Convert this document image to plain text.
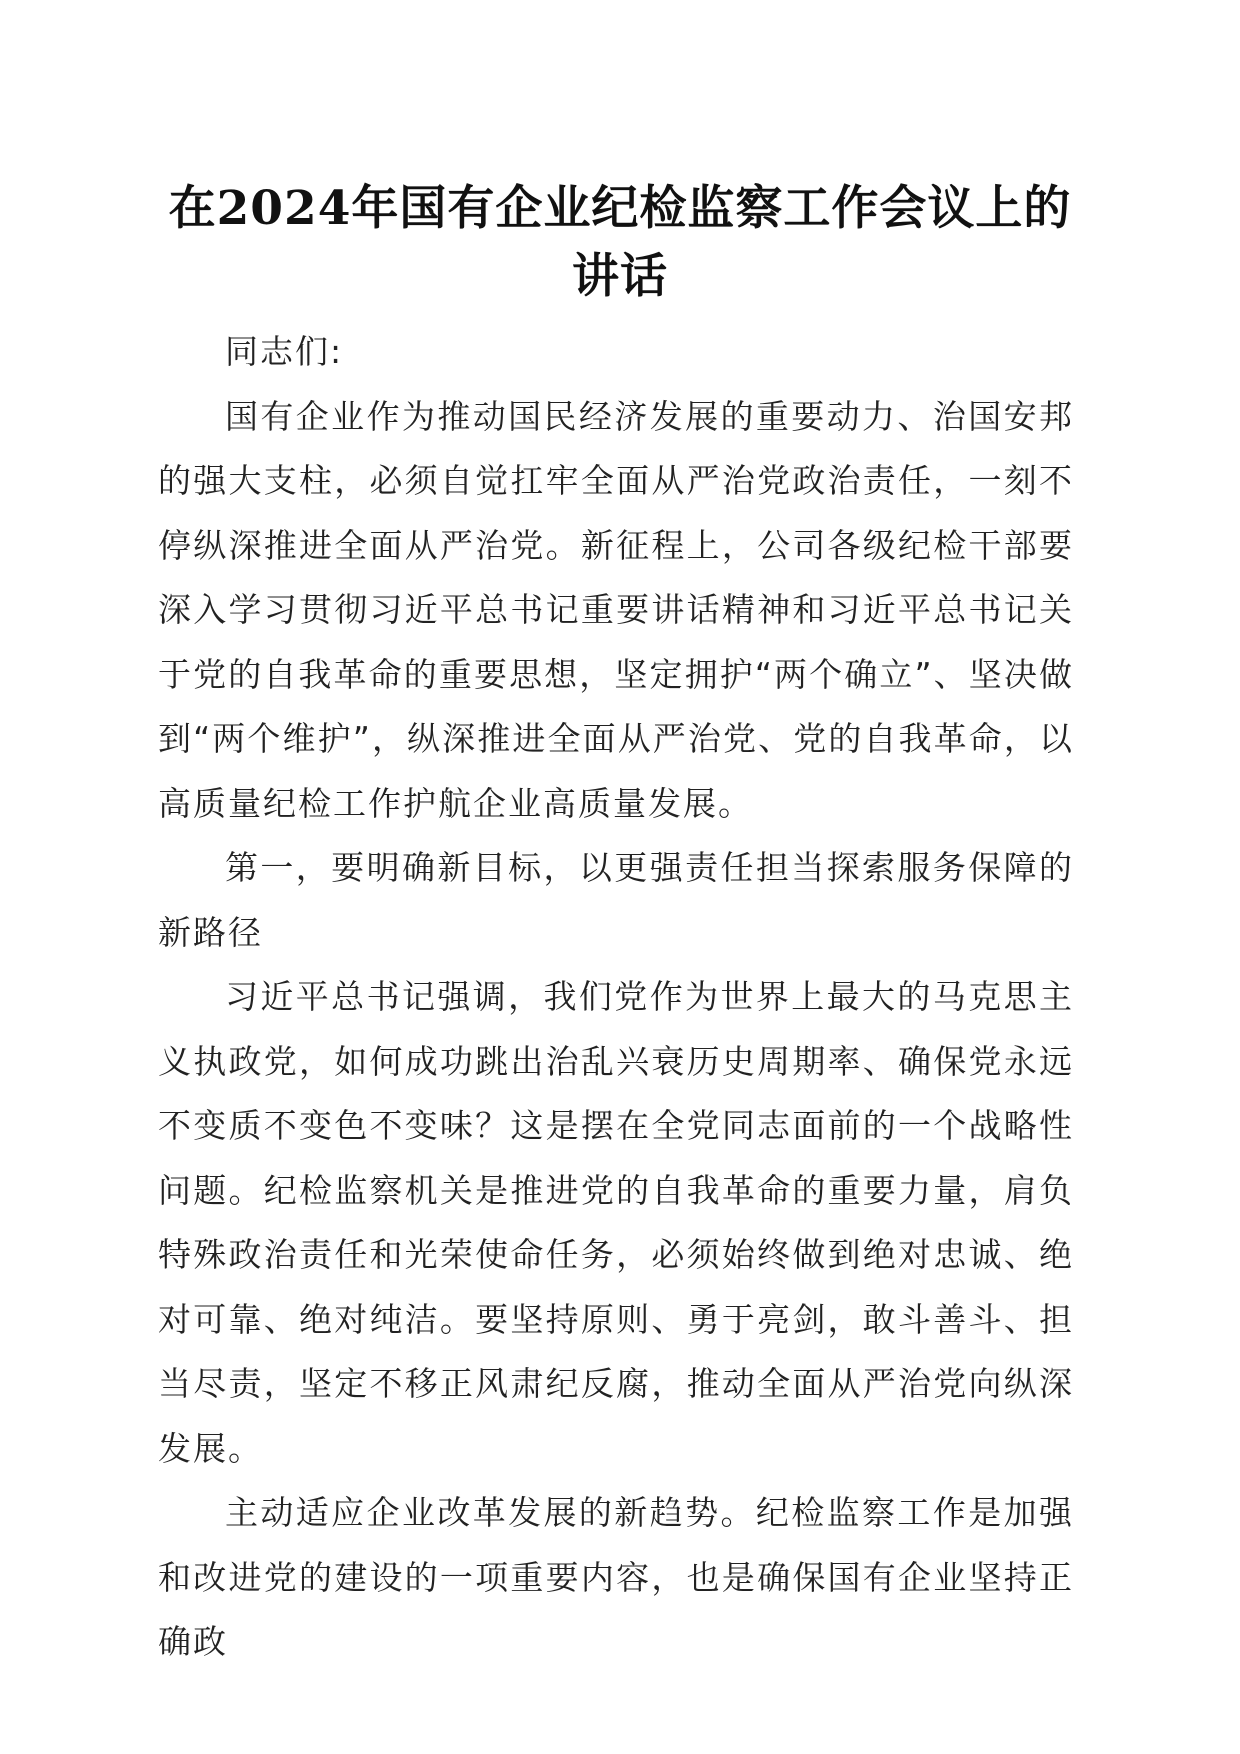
在2024年国有企业纪检监察工作会议上的讲话

同志们:

国有企业作为推动国民经济发展的重要动力、治国安邦的强大支柱，必须自觉扛牢全面从严治党政治责任，一刻不停纵深推进全面从严治党。新征程上，公司各级纪检干部要深入学习贯彻习近平总书记重要讲话精神和习近平总书记关于党的自我革命的重要思想，坚定拥护“两个确立”、坚决做到“两个维护”，纵深推进全面从严治党、党的自我革命，以高质量纪检工作护航企业高质量发展。

第一，要明确新目标，以更强责任担当探索服务保障的新路径

习近平总书记强调，我们党作为世界上最大的马克思主义执政党，如何成功跳出治乱兴衰历史周期率、确保党永远不变质不变色不变味？这是摆在全党同志面前的一个战略性问题。纪检监察机关是推进党的自我革命的重要力量，肩负特殊政治责任和光荣使命任务，必须始终做到绝对忠诚、绝对可靠、绝对纯洁。要坚持原则、勇于亮剑，敢斗善斗、担当尽责，坚定不移正风肃纪反腐，推动全面从严治党向纵深发展。

主动适应企业改革发展的新趋势。纪检监察工作是加强和改进党的建设的一项重要内容，也是确保国有企业坚持正确政
